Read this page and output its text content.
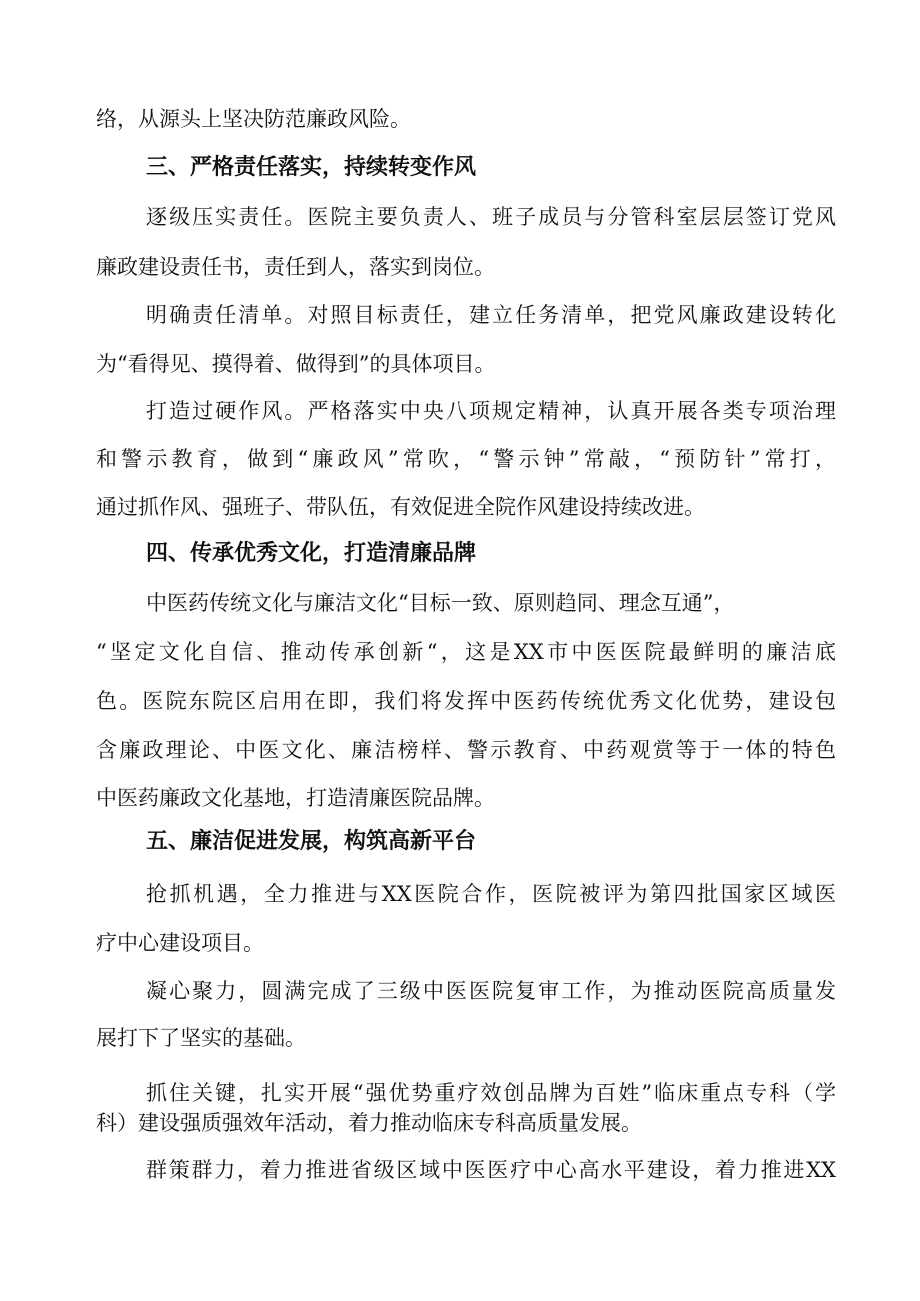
络，从源头上坚决防范廉政风险。
三、严格责任落实，持续转变作风
逐级压实责任。医院主要负责人、班子成员与分管科室层层签订党风
廉政建设责任书，责任到人，落实到岗位。
明确责任清单。对照目标责任，建立任务清单，把党风廉政建设转化
为“看得见、摸得着、做得到”的具体项目。
打造过硬作风。严格落实中央八项规定精神，认真开展各类专项治理
和警示教育，做到“廉政风”常吹，“警示钟”常敲，“预防针”常打，
通过抓作风、强班子、带队伍，有效促进全院作风建设持续改进。
四、传承优秀文化，打造清廉品牌
中医药传统文化与廉洁文化“目标一致、原则趋同、理念互通”，
“坚定文化自信、推动传承创新“，这是XX市中医医院最鲜明的廉洁底
色。医院东院区启用在即，我们将发挥中医药传统优秀文化优势，建设包
含廉政理论、中医文化、廉洁榜样、警示教育、中药观赏等于一体的特色
中医药廉政文化基地，打造清廉医院品牌。
五、廉洁促进发展，构筑高新平台
抢抓机遇，全力推进与XX医院合作，医院被评为第四批国家区域医
疗中心建设项目。
凝心聚力，圆满完成了三级中医医院复审工作，为推动医院高质量发
展打下了坚实的基础。
抓住关键，扎实开展“强优势重疗效创品牌为百姓”临床重点专科（学
科）建设强质强效年活动，着力推动临床专科高质量发展。
群策群力，着力推进省级区域中医医疗中心高水平建设，着力推进XX
